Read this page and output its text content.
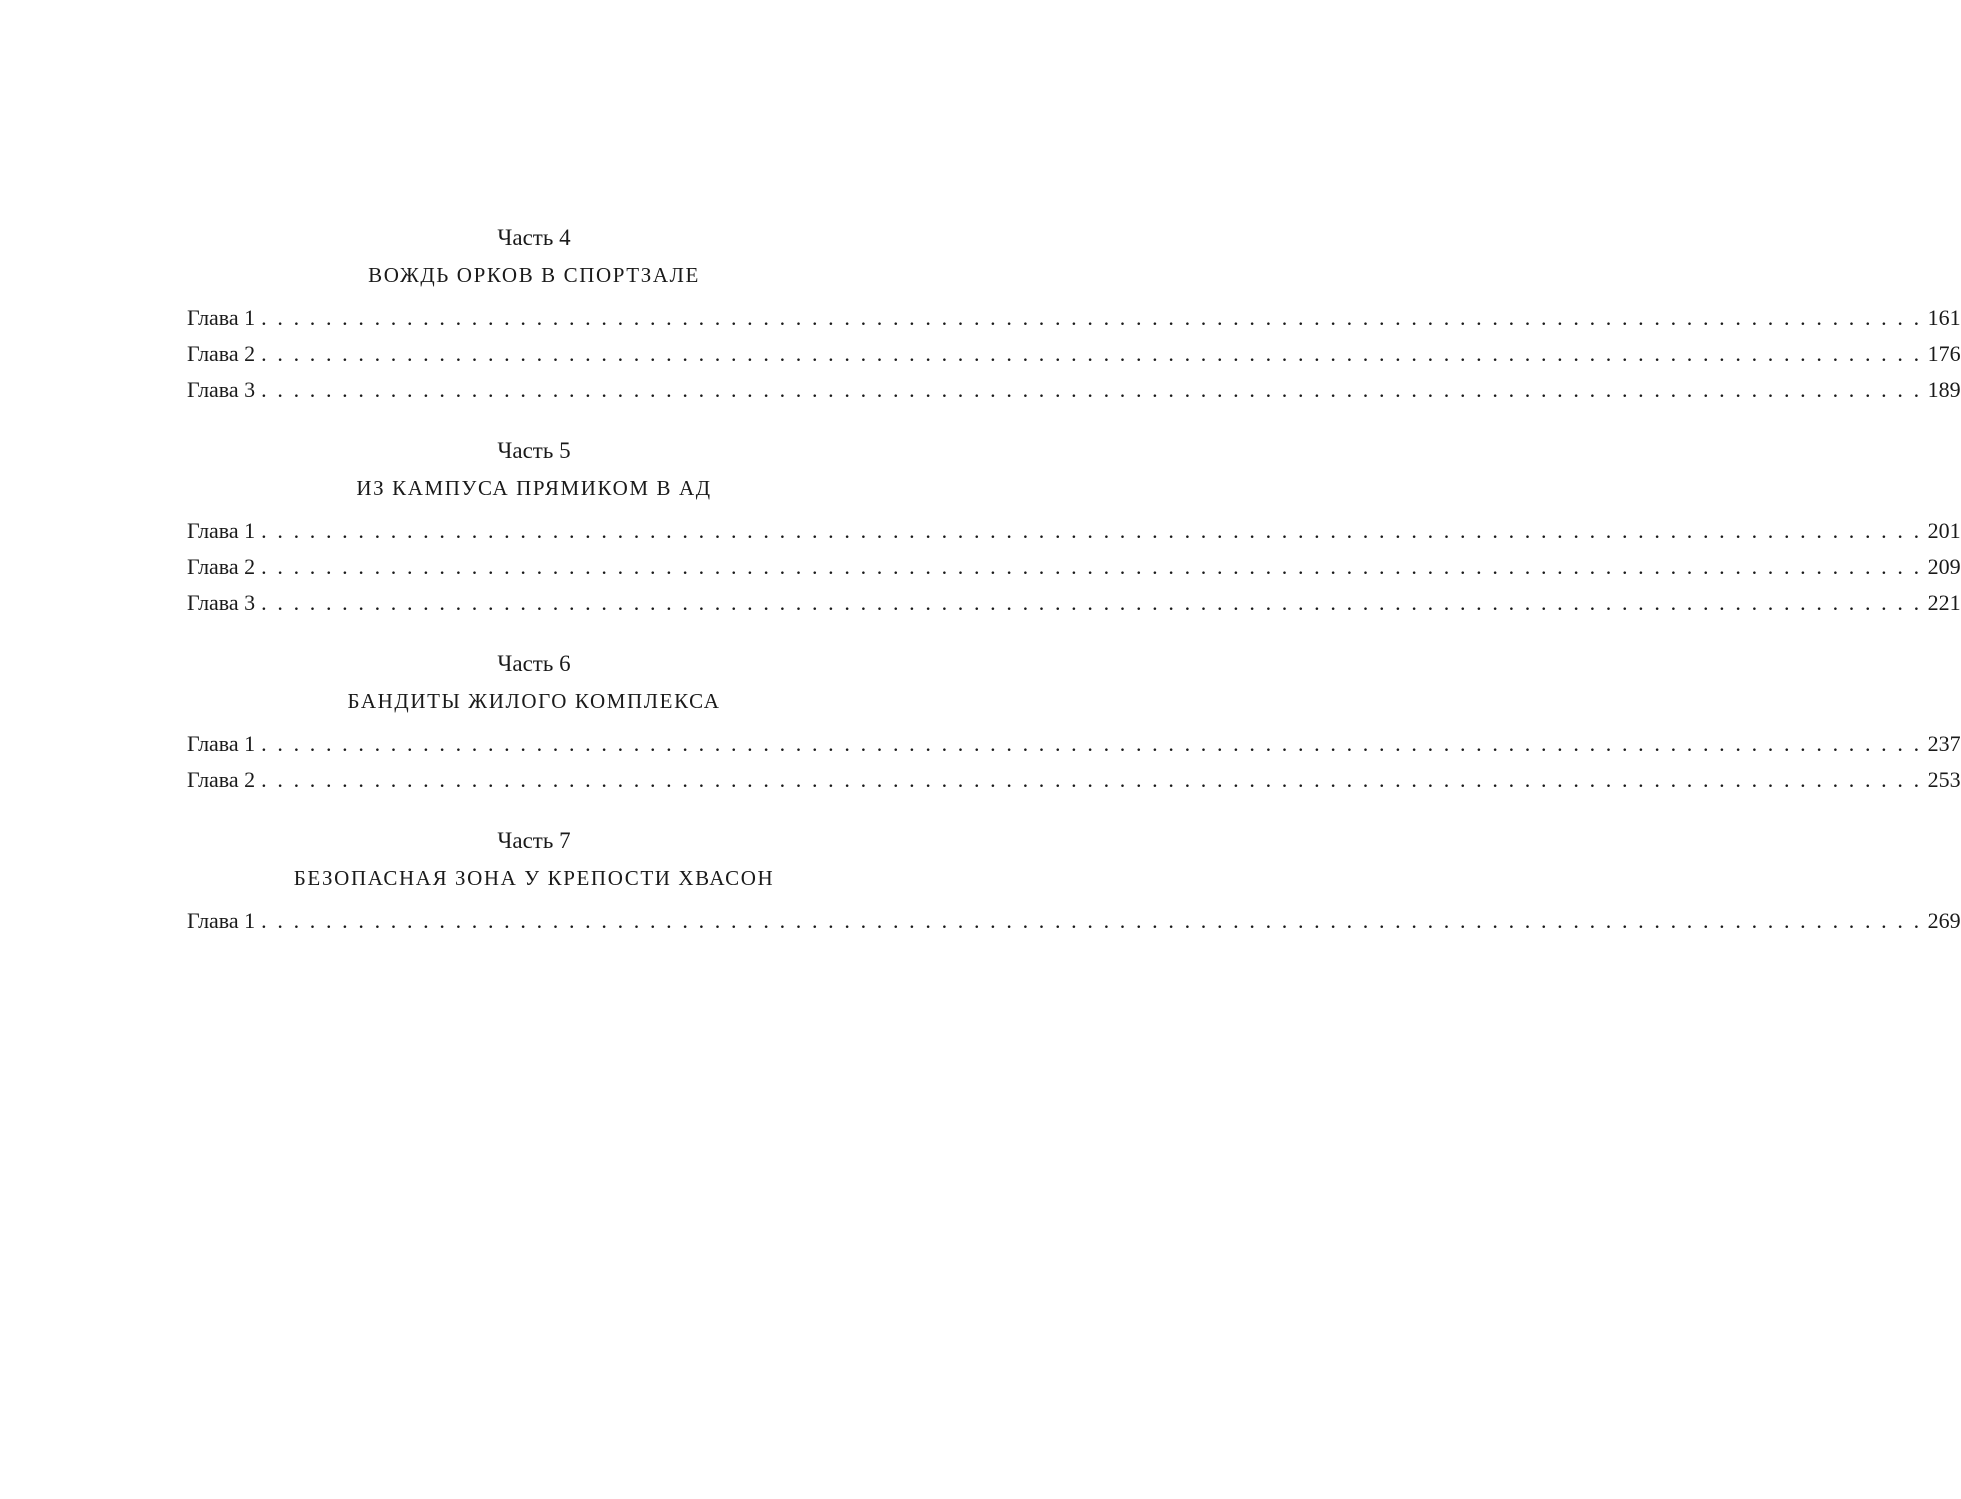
Часть 4
ВОЖДЬ ОРКОВ В СПОРТЗАЛЕ
Глава 1 . . . . . . . . . . . . . . . . . . . . . . . . . . . . . . . . . . . . . . . . . . . . . . . . . . . . . . . . . . . . . . . . . . . . . . . . . . . . . . . . . . . . . . . . . . . . . . . . . . . . . . . 161
Глава 2 . . . . . . . . . . . . . . . . . . . . . . . . . . . . . . . . . . . . . . . . . . . . . . . . . . . . . . . . . . . . . . . . . . . . . . . . . . . . . . . . . . . . . . . . . . . . . . . . . . . . . . . 176
Глава 3 . . . . . . . . . . . . . . . . . . . . . . . . . . . . . . . . . . . . . . . . . . . . . . . . . . . . . . . . . . . . . . . . . . . . . . . . . . . . . . . . . . . . . . . . . . . . . . . . . . . . . . . 189
Часть 5
ИЗ КАМПУСА ПРЯМИКОМ В АД
Глава 1 . . . . . . . . . . . . . . . . . . . . . . . . . . . . . . . . . . . . . . . . . . . . . . . . . . . . . . . . . . . . . . . . . . . . . . . . . . . . . . . . . . . . . . . . . . . . . . . . . . . . . . . 201
Глава 2 . . . . . . . . . . . . . . . . . . . . . . . . . . . . . . . . . . . . . . . . . . . . . . . . . . . . . . . . . . . . . . . . . . . . . . . . . . . . . . . . . . . . . . . . . . . . . . . . . . . . . . . 209
Глава 3 . . . . . . . . . . . . . . . . . . . . . . . . . . . . . . . . . . . . . . . . . . . . . . . . . . . . . . . . . . . . . . . . . . . . . . . . . . . . . . . . . . . . . . . . . . . . . . . . . . . . . . . 221
Часть 6
БАНДИТЫ ЖИЛОГО КОМПЛЕКСА
Глава 1 . . . . . . . . . . . . . . . . . . . . . . . . . . . . . . . . . . . . . . . . . . . . . . . . . . . . . . . . . . . . . . . . . . . . . . . . . . . . . . . . . . . . . . . . . . . . . . . . . . . . . . . 237
Глава 2 . . . . . . . . . . . . . . . . . . . . . . . . . . . . . . . . . . . . . . . . . . . . . . . . . . . . . . . . . . . . . . . . . . . . . . . . . . . . . . . . . . . . . . . . . . . . . . . . . . . . . . . 253
Часть 7
БЕЗОПАСНАЯ ЗОНА У КРЕПОСТИ ХВАСОН
Глава 1 . . . . . . . . . . . . . . . . . . . . . . . . . . . . . . . . . . . . . . . . . . . . . . . . . . . . . . . . . . . . . . . . . . . . . . . . . . . . . . . . . . . . . . . . . . . . . . . . . . . . . . . 269
